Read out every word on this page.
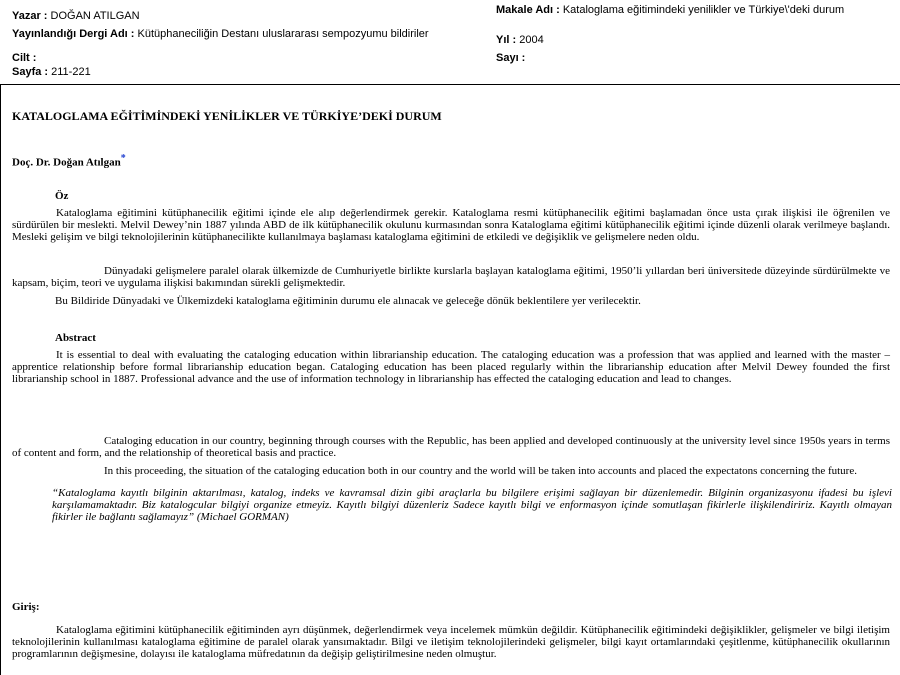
Yazar : DOĞAN ATILGAN
Yayınlandığı Dergi Adı : Kütüphaneciliğin Destanı uluslararası sempozyumu bildiriler
Cilt :
Sayfa : 211-221
Makale Adı : Kataloglama eğitimindeki yenilikler ve Türkiye\'deki durum
Yıl : 2004
Sayı :
KATALOGLAMA EĞİTİMİNDEKİ YENİLİKLER VE TÜRKİYE’DEKİ DURUM
Doç. Dr. Doğan Atılgan*
Öz

Kataloglama eğitimini kütüphanecilik eğitimi içinde ele alıp değerlendirmek gerekir. Kataloglama resmi kütüphanecilik eğitimi başlamadan önce usta çırak ilişkisi ile öğrenilen ve sürdürülen bir meslekti. Melvil Dewey’nin 1887 yılında ABD de ilk kütüphanecilik okulunu kurmasından sonra Kataloglama eğitimi kütüphanecilik eğitimi içinde düzenli olarak verilmeye başlandı. Mesleki gelişim ve bilgi teknolojilerinin kütüphanecilikte kullanılmaya başlaması kataloglama eğitimini de etkiledi ve değişiklik ve gelişmelere neden oldu.

Dünyadaki gelişmelere paralel olarak ülkemizde de Cumhuriyetle birlikte kurslarla başlayan kataloglama eğitimi, 1950’li yıllardan beri üniversitede düzeyinde sürdürülmekte ve kapsam, biçim, teori ve uygulama ilişkisi bakımından sürekli gelişmektedir.

Bu Bildiride Dünyadaki ve Ülkemizdeki kataloglama eğitiminin durumu ele alınacak ve geleceğe dönük beklentilere yer verilecektir.

Abstract

It is essential to deal with evaluating the cataloging education within librarianship education. The cataloging education was a profession that was applied and learned with the master – apprentice relationship before formal librarianship education began. Cataloging education has been placed regularly within the librarianship education after Melvil Dewey founded the first librarianship school in 1887. Professional advance and the use of information technology in librarianship has effected the cataloging education and lead to changes.

Cataloging education in our country, beginning through courses with the Republic, has been applied and developed continuously at the university level since 1950s years in terms of content and form, and the relationship of theoretical basis and practice.

In this proceeding, the situation of the cataloging education both in our country and the world will be taken into accounts and placed the expectatons concerning the future.

“Kataloglama kayıtlı bilginin aktarılması, katalog, indeks ve kavramsal dizin gibi araçlarla bu bilgilere erişimi sağlayan bir düzenlemedir. Bilginin organizasyonu ifadesi bu işlevi karşılamamaktadır. Biz katalogcular bilgiyi organize etmeyiz. Kayıtlı bilgiyi düzenleriz Sadece kayıtlı bilgi ve enformasyon içinde somutlaşan fikirlerle ilişkilendiririz. Kayıtlı olmayan fikirler ile bağlantı sağlamayız” (Michael GORMAN)

Giriş:

Kataloglama eğitimini kütüphanecilik eğitiminden ayrı düşünmek, değerlendirmek veya incelemek mümkün değildir. Kütüphanecilik eğitimindeki değişiklikler, gelişmeler ve bilgi iletişim teknolojilerinin kullanılması kataloglama eğitimine de paralel olarak yansımaktadır. Bilgi ve iletişim teknolojilerindeki gelişmeler, bilgi kayıt ortamlarındaki çeşitlenme, kütüphanecilik okullarının programlarının değişmesine, dolayısı ile kataloglama müfredatının da değişip geliştirilmesine neden olmuştur.
